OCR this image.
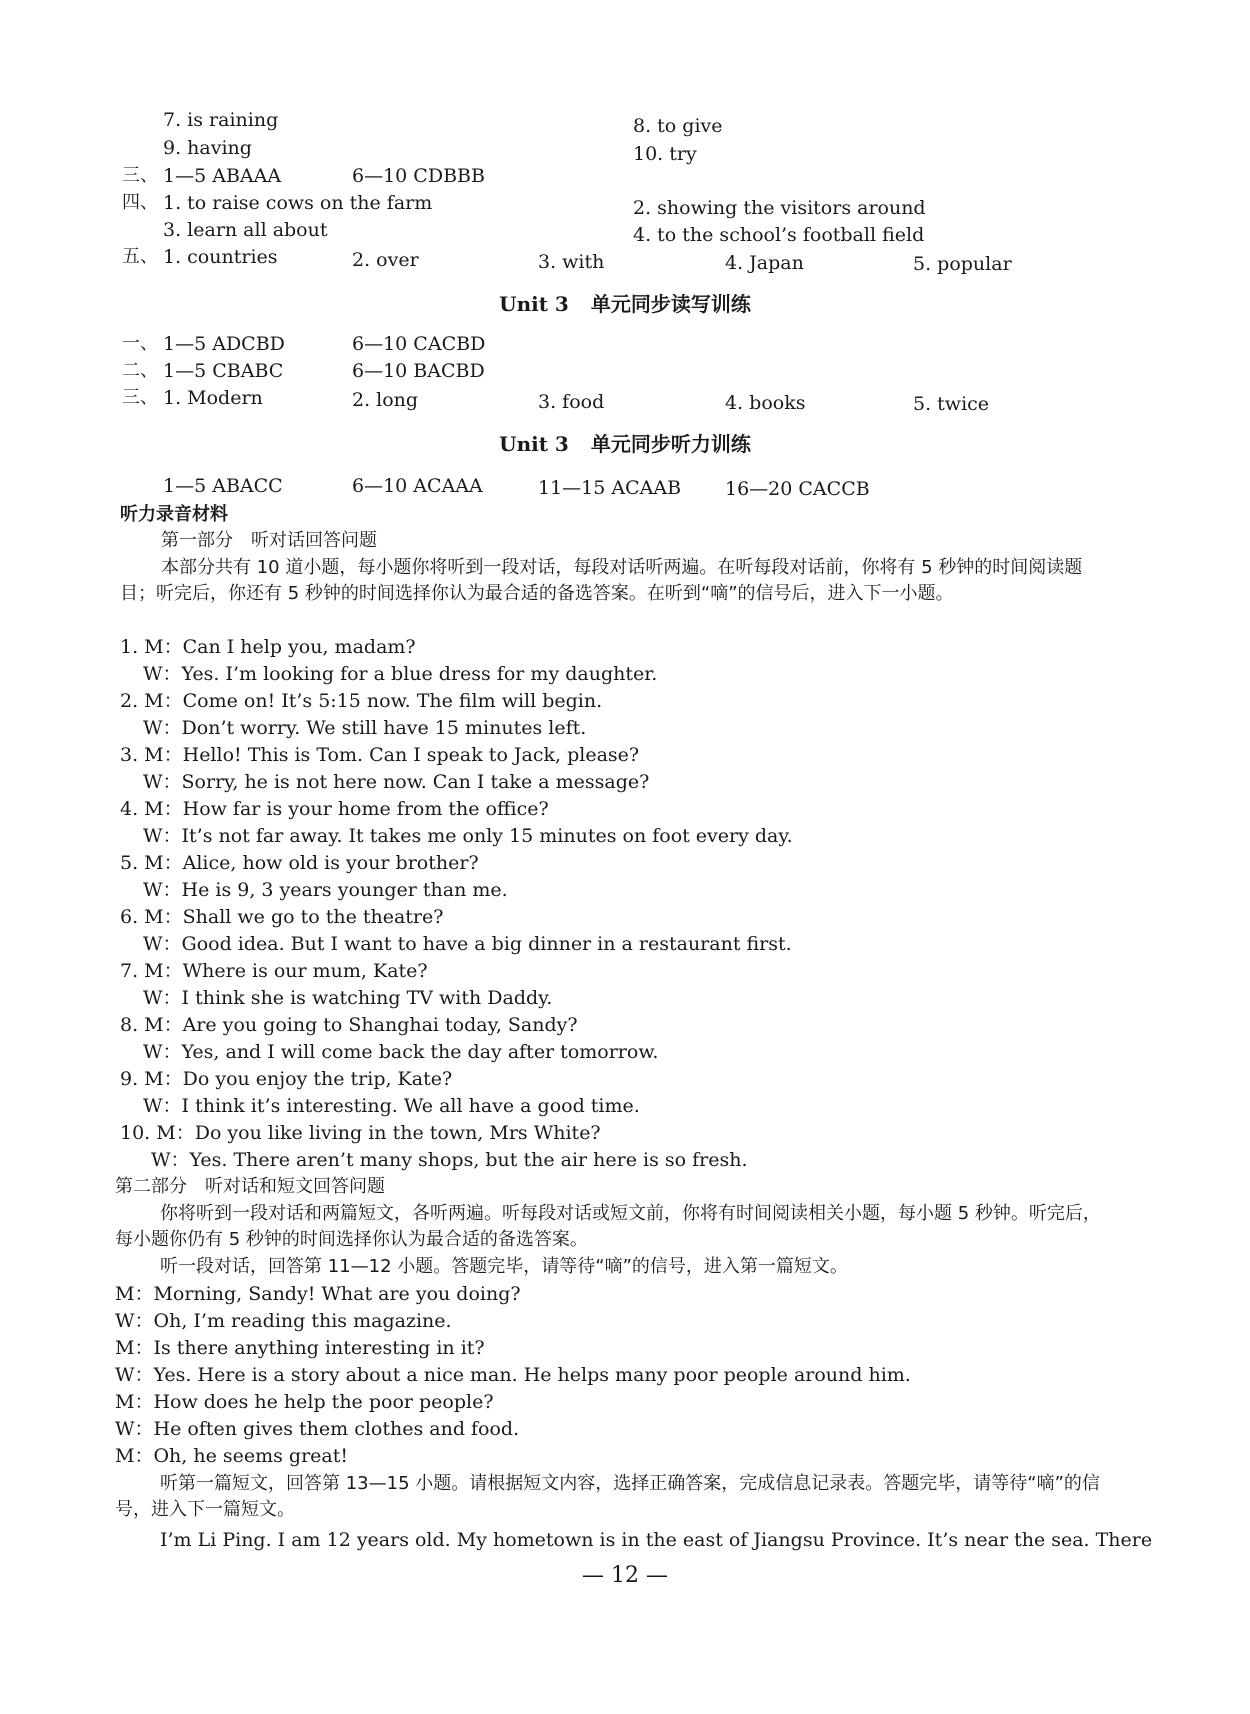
7. is raining	8. to give
9. having	10. try
三、 1—5 ABAAA	6—10 CDBBB
四、 1. to raise cows on the farm	2. showing the visitors around
3. learn all about	4. to the school’s football field
五、 1. countries	2. over	3. with	4. Japan	5. popular
Unit 3 单元同步读写训练
一、 1—5 ADCBD	6—10 CACBD
二、 1—5 CBABC	6—10 BACBD
三、 1. Modern	2. long	3. food	4. books	5. twice
Unit 3 单元同步听力训练
1—5 ABACC	6—10 ACAAA	11—15 ACAAB 16—20 CACCB
听力录音材料
第一部分　听对话回答问题
本部分共有 10 道小题，每小题你将听到一段对话，每段对话听两遍。在听每段对话前，你将有 5 秒钟的时间阅读题目；听完后，你还有 5 秒钟的时间选择你认为最合适的备选答案。在听到“嘀”的信号后，进入下一小题。
1. M：Can I help you, madam?
W：Yes. I’m looking for a blue dress for my daughter.
2. M：Come on! It’s 5:15 now. The film will begin.
W：Don’t worry. We still have 15 minutes left.
3. M：Hello! This is Tom. Can I speak to Jack, please?
W：Sorry, he is not here now. Can I take a message?
4. M：How far is your home from the office?
W：It’s not far away. It takes me only 15 minutes on foot every day.
5. M：Alice, how old is your brother?
W：He is 9, 3 years younger than me.
6. M：Shall we go to the theatre?
W：Good idea. But I want to have a big dinner in a restaurant first.
7. M：Where is our mum, Kate?
W：I think she is watching TV with Daddy.
8. M：Are you going to Shanghai today, Sandy?
W：Yes, and I will come back the day after tomorrow.
9. M：Do you enjoy the trip, Kate?
W：I think it’s interesting. We all have a good time.
10. M：Do you like living in the town, Mrs White?
W：Yes. There aren’t many shops, but the air here is so fresh.
第二部分　听对话和短文回答问题
你将听到一段对话和两篇短文，各听两遍。听每段对话或短文前，你将有时间阅读相关小题，每小题 5 秒钟。听完后，每小题你仍有 5 秒钟的时间选择你认为最合适的备选答案。
听一段对话，回答第 11—12 小题。答题完毕，请等待“嘀”的信号，进入第一篇短文。
M：Morning, Sandy! What are you doing?
W：Oh, I’m reading this magazine.
M：Is there anything interesting in it?
W：Yes. Here is a story about a nice man. He helps many poor people around him.
M：How does he help the poor people?
W：He often gives them clothes and food.
M：Oh, he seems great!
听第一篇短文，回答第 13—15 小题。请根据短文内容，选择正确答案，完成信息记录表。答题完毕，请等待“嘀”的信号，进入下一篇短文。
I’m Li Ping. I am 12 years old. My hometown is in the east of Jiangsu Province. It’s near the sea. There
— 12 —
